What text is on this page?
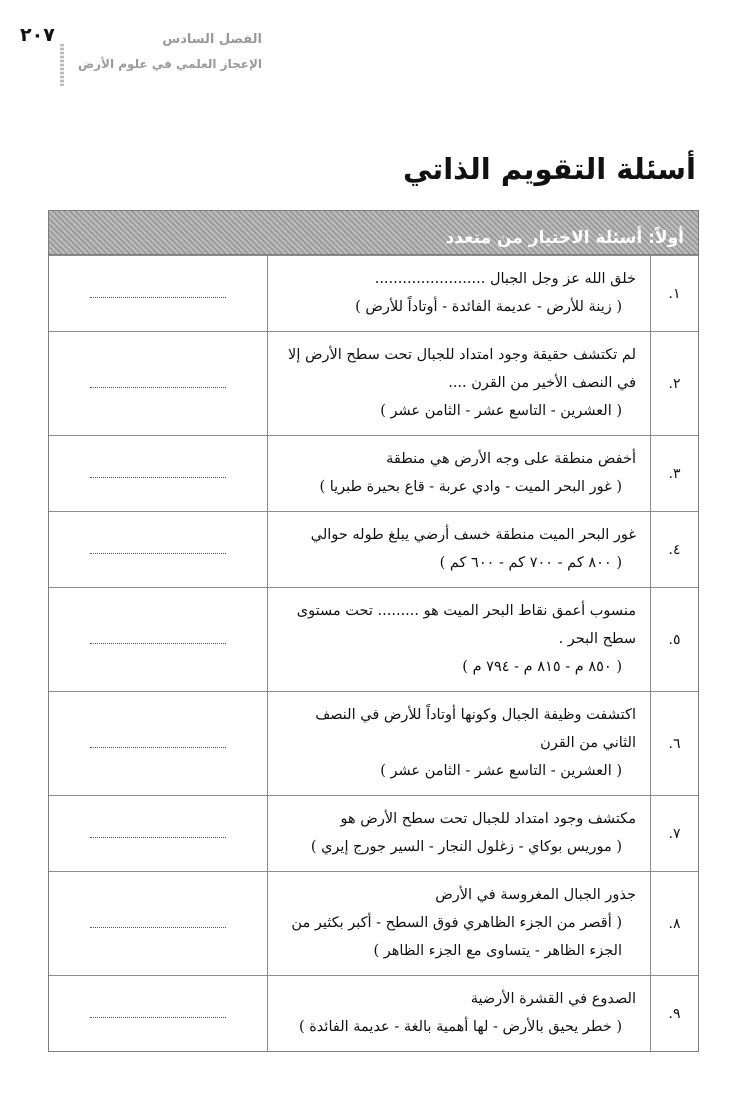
٢٠٧	الفصل السادس
الإعجاز العلمي في علوم الأرض
أسئلة التقويم الذاتي
أولاً: أسئلة الاختيار من متعدد
١.
خلق الله عز وجل الجبال ........................
( زينة للأرض - عديمة الفائدة - أوتاداً للأرض )
٢.
لم تكتشف حقيقة وجود امتداد للجبال تحت سطح الأرض إلا في النصف الأخير من القرن ....
( العشرين - التاسع عشر - الثامن عشر )
٣.
أخفض منطقة على وجه الأرض هي منطقة
( غور البحر الميت - وادي عربة - قاع بحيرة طبريا )
٤.
غور البحر الميت منطقة خسف أرضي يبلغ طوله حوالي
( ٨٠٠ كم - ٧٠٠ كم - ٦٠٠ كم )
٥.
منسوب أعمق نقاط البحر الميت هو ......... تحت مستوى سطح البحر .
( ٨٥٠ م - ٨١٥ م - ٧٩٤ م )
٦.
اكتشفت وظيفة الجبال وكونها أوتاداً للأرض في النصف الثاني من القرن
( العشرين - التاسع عشر - الثامن عشر )
٧.
مكتشف وجود امتداد للجبال تحت سطح الأرض هو
( موريس بوكاي - زغلول النجار - السير جورج إيري )
٨.
جذور الجبال المغروسة في الأرض
( أقصر من الجزء الظاهري فوق السطح - أكبر بكثير من الجزء الظاهر - يتساوى مع الجزء الظاهر )
٩.
الصدوع في القشرة الأرضية
( خطر يحيق بالأرض - لها أهمية بالغة - عديمة الفائدة )
